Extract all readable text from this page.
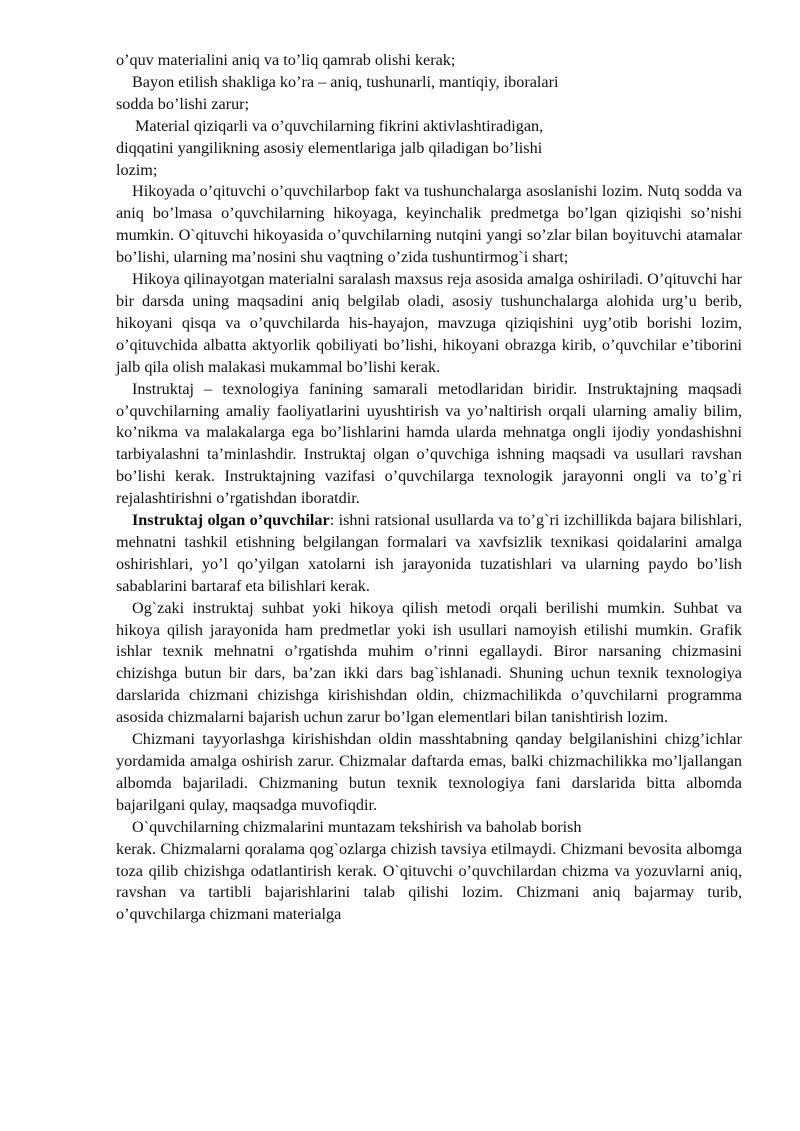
o’quv materialini aniq va to’liq qamrab olishi kerak;
Bayon etilish shakliga ko’ra – aniq, tushunarli, mantiqiy, iboralari
sodda bo’lishi zarur;
Material qiziqarli va o’quvchilarning fikrini aktivlashtiradigan,
diqqatini yangilikning asosiy elementlariga jalb qiladigan bo’lishi
lozim;

Hikoyada o’qituvchi o’quvchilarbop fakt va tushunchalarga asoslanishi lozim. Nutq sodda va aniq bo’lmasa o’quvchilarning hikoyaga, keyinchalik predmetga bo’lgan qiziqishi so’nishi mumkin. O`qituvchi hikoyasida o’quvchilarning nutqini yangi so’zlar bilan boyituvchi atamalar bo’lishi, ularning ma’nosini shu vaqtning o’zida tushuntirmog`i shart;

Hikoya qilinayotgan materialni saralash maxsus reja asosida amalga oshiriladi. O’qituvchi har bir darsda uning maqsadini aniq belgilab oladi, asosiy tushunchalarga alohida urg’u berib, hikoyani qisqa va o’quvchilarda his-hayajon, mavzuga qiziqishini uyg’otib borishi lozim, o’qituvchida albatta aktyorlik qobiliyati bo’lishi, hikoyani obrazga kirib, o’quvchilar e’tiborini jalb qila olish malakasi mukammal bo’lishi kerak.

Instruktaj – texnologiya fanining samarali metodlaridan biridir. Instruktajning maqsadi o’quvchilarning amaliy faoliyatlarini uyushtirish va yo’naltirish orqali ularning amaliy bilim, ko’nikma va malakalarga ega bo’lishlarini hamda ularda mehnatga ongli ijodiy yondashishni tarbiyalashni ta’minlashdir. Instruktaj olgan o’quvchiga ishning maqsadi va usullari ravshan bo’lishi kerak. Instruktajning vazifasi o’quvchilarga texnologik jarayonni ongli va to’g`ri rejalashtirishni o’rgatishdan iboratdir.

Instruktaj olgan o’quvchilar: ishni ratsional usullarda va to’g`ri izchillikda bajara bilishlari, mehnatni tashkil etishning belgilangan formalari va xavfsizlik texnikasi qoidalarini amalga oshirishlari, yo’l qo’yilgan xatolarni ish jarayonida tuzatishlari va ularning paydo bo’lish sabablarini bartaraf eta bilishlari kerak.

Og`zaki instruktaj suhbat yoki hikoya qilish metodi orqali berilishi mumkin. Suhbat va hikoya qilish jarayonida ham predmetlar yoki ish usullari namoyish etilishi mumkin. Grafik ishlar texnik mehnatni o’rgatishda muhim o’rinni egallaydi. Biror narsaning chizmasini chizishga butun bir dars, ba’zan ikki dars bag`ishlanadi. Shuning uchun texnik texnologiya darslarida chizmani chizishga kirishishdan oldin, chizmachilikda o’quvchilarni programma asosida chizmalarni bajarish uchun zarur bo’lgan elementlari bilan tanishtirish lozim.

Chizmani tayyorlashga kirishishdan oldin masshtabning qanday belgilanishini chizg’ichlar yordamida amalga oshirish zarur. Chizmalar daftarda emas, balki chizmachilikka mo’ljallangan albomda bajariladi. Chizmaning butun texnik texnologiya fani darslarida bitta albomda bajarilgani qulay, maqsadga muvofiqdir.

O`quvchilarning chizmalarini muntazam tekshirish va baholab borish

kerak. Chizmalarni qoralama qog`ozlarga chizish tavsiya etilmaydi. Chizmani bevosita albomga toza qilib chizishga odatlantirish kerak. O`qituvchi o’quvchilardan chizma va yozuvlarni aniq, ravshan va tartibli bajarishlarini talab qilishi lozim. Chizmani aniq bajarmay turib, o’quvchilarga chizmani materialga
